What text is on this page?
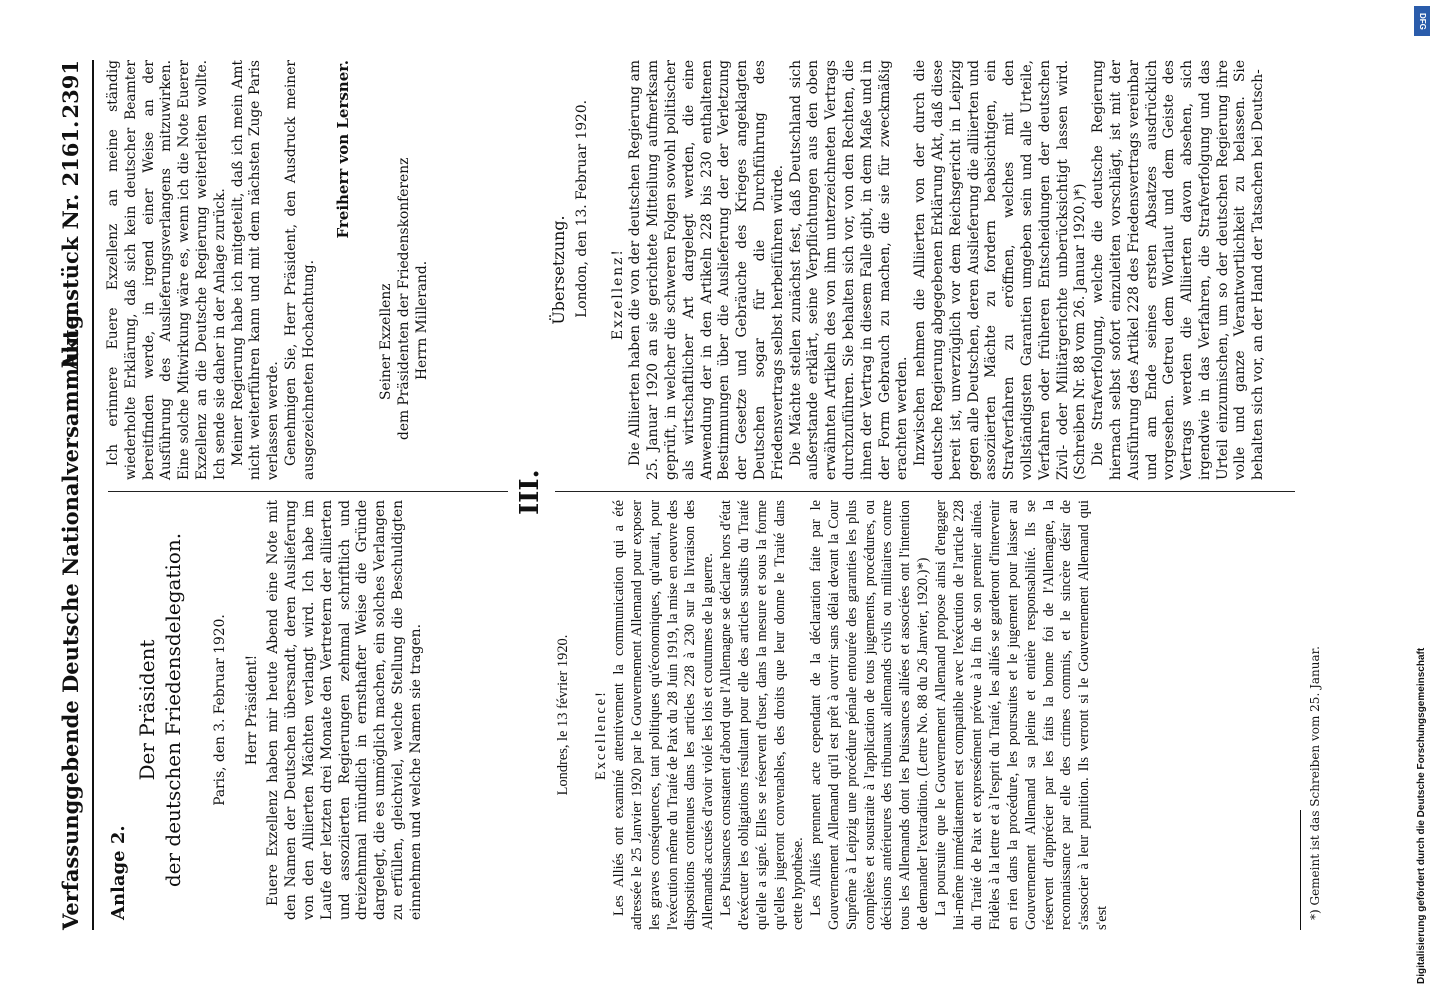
Verfassunggebende Deutsche Nationalversammlung.
Aktenstück Nr. 2161.
2391

Anlage 2.

Der Präsident der deutschen Friedensdelegation. Paris, den 3. Februar 1920. Herr Präsident! Euere Exzellenz haben mir heute Abend eine Note mit den Namen der Deutschen übersandt, deren Auslieferung von den Alliierten Mächten verlangt wird. Ich habe im Laufe der letzten drei Monate den Vertretern der alliierten und assoziierten Regierungen zehnmal schriftlich und dreizehnmal mündlich in ernsthafter Weise die Gründe dargelegt, die es unmöglich machen, ein solches Verlangen zu erfüllen, gleichviel, welche Stellung die Beschuldigten einnehmen und welche Namen sie tragen.

Ich erinnere Euere Exzellenz an meine ständig wiederholte Erklärung, daß sich kein deutscher Beamter bereitfinden werde, in irgend einer Weise an der Ausführung des Auslieferungsverlangens mitzuwirken. Eine solche Mitwirkung wäre es, wenn ich die Note Euerer Exzellenz an die Deutsche Regierung weiterleiten wollte. Ich sende sie daher in der Anlage zurück. Meiner Regierung habe ich mitgeteilt, daß ich mein Amt nicht weiterführen kann und mit dem nächsten Zuge Paris verlassen werde. Genehmigen Sie, Herr Präsident, den Ausdruck meiner ausgezeichneten Hochachtung.

Freiherr von Lersner.

Seiner Exzellenz dem Präsidenten der Friedenskonferenz Herrn Millerand.

III.

Londres, le 13 février 1920. Excellence! Les Alliés ont examiné attentivement la communication qui a été adressée le 25 Janvier 1920 par le Gouvernement Allemand pour exposer les graves conséquences, tant politiques qu'économiques, qu'aurait, pour l'exécution même du Traité de Paix du 28 Juin 1919, la mise en oeuvre des dispositions contenues dans les articles 228 à 230 sur la livraison des Allemands accusés d'avoir violé les lois et coutumes de la guerre. Les Puissances constatent d'abord que l'Allemagne se déclare hors d'état d'exécuter les obligations résultant pour elle des articles susdits du Traité qu'elle a signé. Elles se réservent d'user, dans la mesure et sous la forme qu'elles jugeront convenables, des droits que leur donne le Traité dans cette hypothèse. Les Alliés prennent acte cependant de la déclaration faite par le Gouvernement Allemand qu'il est prêt à ouvrir sans délai devant la Cour Suprême à Leipzig une procédure pénale entourée des garanties les plus complètes et soustraite à l'application de tous jugements, procédures, ou décisions antérieures des tribunaux allemands civils ou militaires contre tous les Allemands dont les Puissances alliées et associées ont l'intention de demander l'extradition. (Lettre No. 88 du 26 Janvier, 1920.)*) La poursuite que le Gouvernement Allemand propose ainsi d'engager lui-même immédiatement est compatible avec l'exécution de l'article 228 du Traité de Paix et expressément prévue à la fin de son premier alinéa. Fidèles à la lettre et à l'esprit du Traité, les alliés se garderont d'intervenir en rien dans la procédure, les poursuites et le jugement pour laisser au Gouvernement Allemand sa pleine et entière responsabilité. Ils se réservent d'apprécier par les faits la bonne foi de l'Allemagne, la reconnaissance par elle des crimes commis, et le sincère désir de s'associer à leur punition. Ils verront si le Gouvernement Allemand qui s'est

Übersetzung. London, den 13. Februar 1920. Exzellenz! Die Alliierten haben die von der deutschen Regierung am 25. Januar 1920 an sie gerichtete Mitteilung aufmerksam geprüft, in welcher die schweren Folgen sowohl politischer als wirtschaftlicher Art dargelegt werden, die eine Anwendung der in den Artikeln 228 bis 230 enthaltenen Bestimmungen über die Auslieferung der der Verletzung der Gesetze und Gebräuche des Krieges angeklagten Deutschen sogar für die Durchführung des Friedensvertrags selbst herbeiführen würde. Die Mächte stellen zunächst fest, daß Deutschland sich außerstande erklärt, seine Verpflichtungen aus den oben erwähnten Artikeln des von ihm unterzeichneten Vertrags durchzuführen. Sie behalten sich vor, von den Rechten, die ihnen der Vertrag in diesem Falle gibt, in dem Maße und in der Form Gebrauch zu machen, die sie für zweckmäßig erachten werden. Inzwischen nehmen die Alliierten von der durch die deutsche Regierung abgegebenen Erklärung Akt, daß diese bereit ist, unverzüglich vor dem Reichsgericht in Leipzig gegen alle Deutschen, deren Auslieferung die alliierten und assoziierten Mächte zu fordern beabsichtigen, ein Strafverfahren zu eröffnen, welches mit den vollständigsten Garantien umgeben sein und alle Urteile, Verfahren oder früheren Entscheidungen der deutschen Zivil- oder Militärgerichte unberücksichtigt lassen wird. (Schreiben Nr. 88 vom 26. Januar 1920.)*) Die Strafverfolgung, welche die deutsche Regierung hiernach selbst sofort einzuleiten vorschlägt, ist mit der Ausführung des Artikel 228 des Friedensvertrags vereinbar und am Ende seines ersten Absatzes ausdrücklich vorgesehen. Getreu dem Wortlaut und dem Geiste des Vertrags werden die Alliierten davon absehen, sich irgendwie in das Verfahren, die Strafverfolgung und das Urteil einzumischen, um so der deutschen Regierung ihre volle und ganze Verantwortlichkeit zu belassen. Sie behalten sich vor, an der Hand der Tatsachen bei Deutsch-

*) Gemeint ist das Schreiben vom 25. Januar.
DFG
Digitalisierung gefördert durch die Deutsche Forschungsgemeinschaft
